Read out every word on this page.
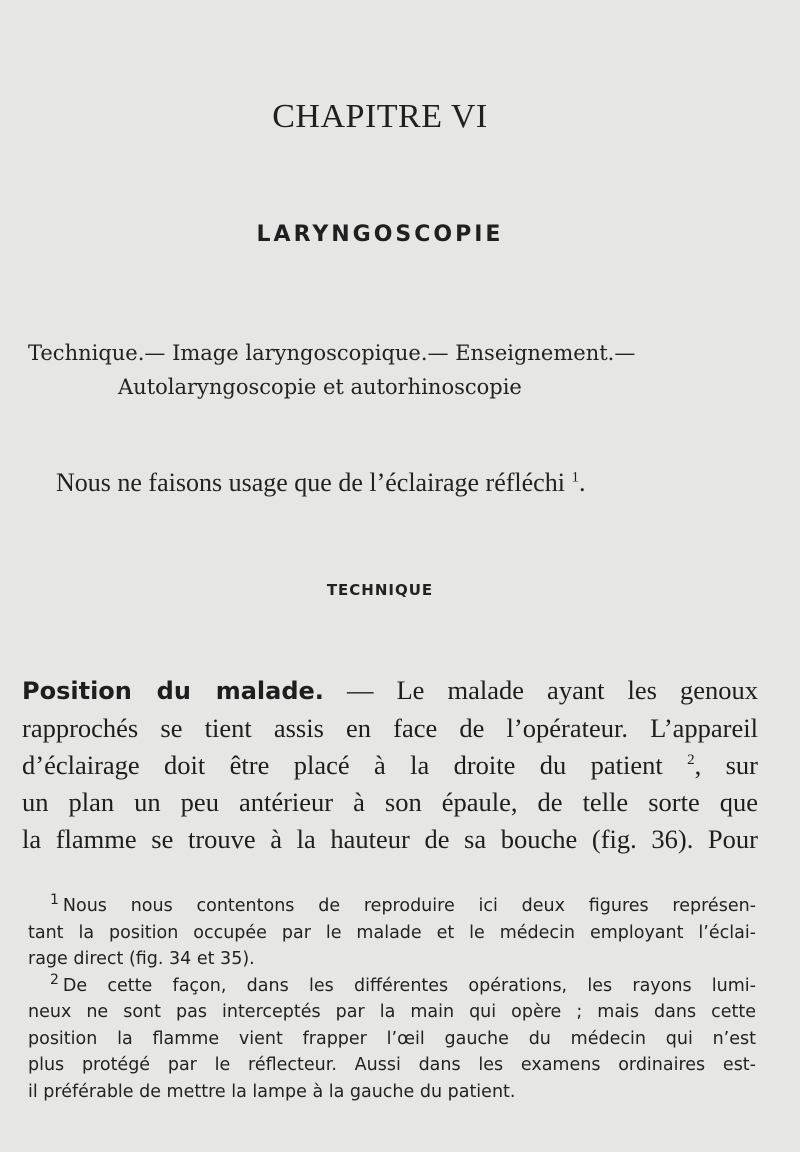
CHAPITRE VI
LARYNGOSCOPIE
Technique.— Image laryngoscopique.— Enseignement.—
Autolaryngoscopie et autorhinoscopie
Nous ne faisons usage que de l’éclairage réfléchi $^1$.
TECHNIQUE
Position du malade. — Le malade ayant les genoux
rapprochés se tient assis en face de l’opérateur. L’appareil
d’éclairage doit être placé à la droite du patient $^2$, sur
un plan un peu antérieur à son épaule, de telle sorte que
la flamme se trouve à la hauteur de sa bouche (fig. 36). Pour
$^1$ Nous nous contentons de reproduire ici deux figures représen-
tant la position occupée par le malade et le médecin employant l’éclai-
rage direct (fig. 34 et 35).
$^2$ De cette façon, dans les différentes opérations, les rayons lumi-
neux ne sont pas interceptés par la main qui opère ; mais dans cette
position la flamme vient frapper l’œil gauche du médecin qui n’est
plus protégé par le réflecteur. Aussi dans les examens ordinaires est-
il préférable de mettre la lampe à la gauche du patient.
